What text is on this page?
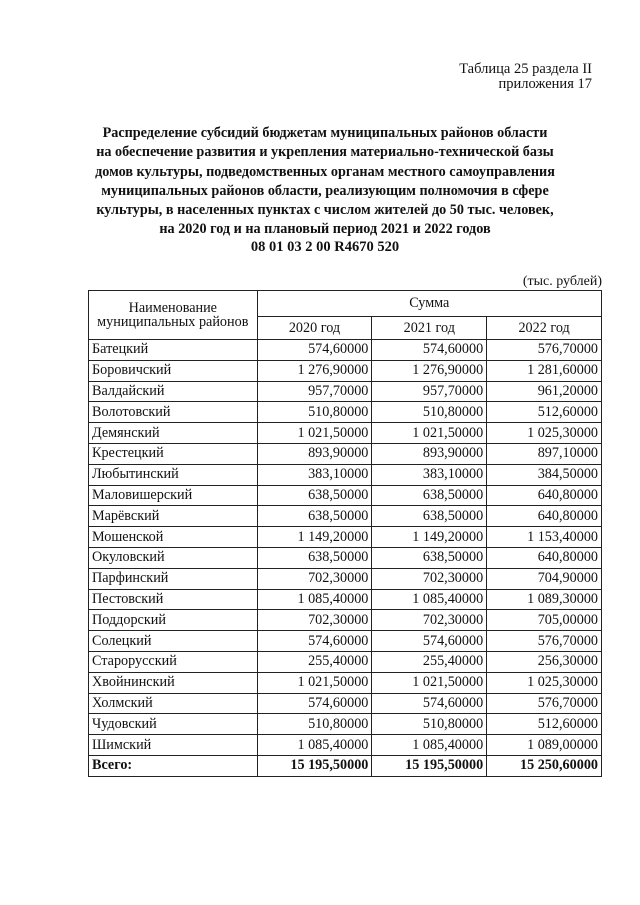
Таблица 25 раздела II
приложения 17
Распределение субсидий бюджетам муниципальных районов области
на обеспечение развития и укрепления материально-технической базы
домов культуры, подведомственных органам местного самоуправления
муниципальных районов области, реализующим полномочия в сфере
культуры, в населенных пунктах с числом жителей до 50 тыс. человек,
на 2020 год и на плановый период 2021 и 2022 годов
08 01 03 2 00 R4670 520
(тыс. рублей)
Наименование муниципальных районов	Сумма		
	2020 год	2021 год	2022 год
Батецкий	574,60000	574,60000	576,70000
Боровичский	1 276,90000	1 276,90000	1 281,60000
Валдайский	957,70000	957,70000	961,20000
Волотовский	510,80000	510,80000	512,60000
Демянский	1 021,50000	1 021,50000	1 025,30000
Крестецкий	893,90000	893,90000	897,10000
Любытинский	383,10000	383,10000	384,50000
Маловишерский	638,50000	638,50000	640,80000
Марёвский	638,50000	638,50000	640,80000
Мошенской	1 149,20000	1 149,20000	1 153,40000
Окуловский	638,50000	638,50000	640,80000
Парфинский	702,30000	702,30000	704,90000
Пестовский	1 085,40000	1 085,40000	1 089,30000
Поддорский	702,30000	702,30000	705,00000
Солецкий	574,60000	574,60000	576,70000
Старорусский	255,40000	255,40000	256,30000
Хвойнинский	1 021,50000	1 021,50000	1 025,30000
Холмский	574,60000	574,60000	576,70000
Чудовский	510,80000	510,80000	512,60000
Шимский	1 085,40000	1 085,40000	1 089,00000
Всего:	15 195,50000	15 195,50000	15 250,60000
